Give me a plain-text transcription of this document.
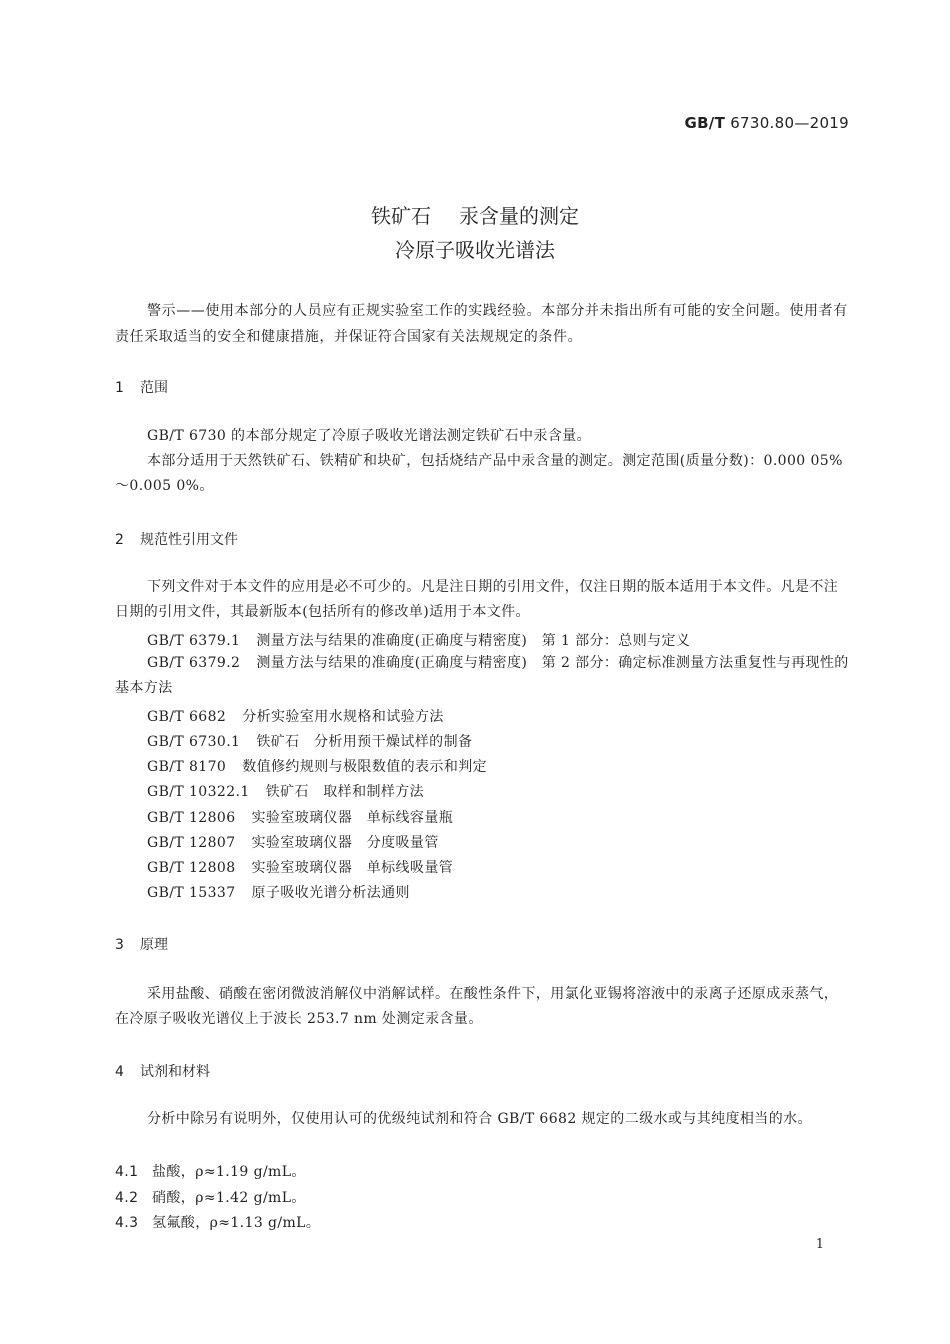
GB/T 6730.80—2019
铁矿石 汞含量的测定
冷原子吸收光谱法

警示——使用本部分的人员应有正规实验室工作的实践经验。本部分并未指出所有可能的安全问题。使用者有责任采取适当的安全和健康措施，并保证符合国家有关法规规定的条件。

1 范围

GB/T 6730 的本部分规定了冷原子吸收光谱法测定铁矿石中汞含量。

本部分适用于天然铁矿石、铁精矿和块矿，包括烧结产品中汞含量的测定。测定范围(质量分数)：0.000 05%～0.005 0%。

2 规范性引用文件

下列文件对于本文件的应用是必不可少的。凡是注日期的引用文件，仅注日期的版本适用于本文件。凡是不注日期的引用文件，其最新版本(包括所有的修改单)适用于本文件。

GB/T 6379.1 测量方法与结果的准确度(正确度与精密度)　第 1 部分：总则与定义

GB/T 6379.2 测量方法与结果的准确度(正确度与精密度)　第 2 部分：确定标准测量方法重复性与再现性的基本方法

GB/T 6682 分析实验室用水规格和试验方法

GB/T 6730.1 铁矿石　分析用预干燥试样的制备

GB/T 8170 数值修约规则与极限数值的表示和判定

GB/T 10322.1 铁矿石　取样和制样方法

GB/T 12806 实验室玻璃仪器　单标线容量瓶

GB/T 12807 实验室玻璃仪器　分度吸量管

GB/T 12808 实验室玻璃仪器　单标线吸量管

GB/T 15337 原子吸收光谱分析法通则

3 原理

采用盐酸、硝酸在密闭微波消解仪中消解试样。在酸性条件下，用氯化亚锡将溶液中的汞离子还原成汞蒸气，在冷原子吸收光谱仪上于波长 253.7 nm 处测定汞含量。

4 试剂和材料

分析中除另有说明外，仅使用认可的优级纯试剂和符合 GB/T 6682 规定的二级水或与其纯度相当的水。

4.1 盐酸，ρ≈1.19 g/mL。

4.2 硝酸，ρ≈1.42 g/mL。

4.3 氢氟酸，ρ≈1.13 g/mL。

1
